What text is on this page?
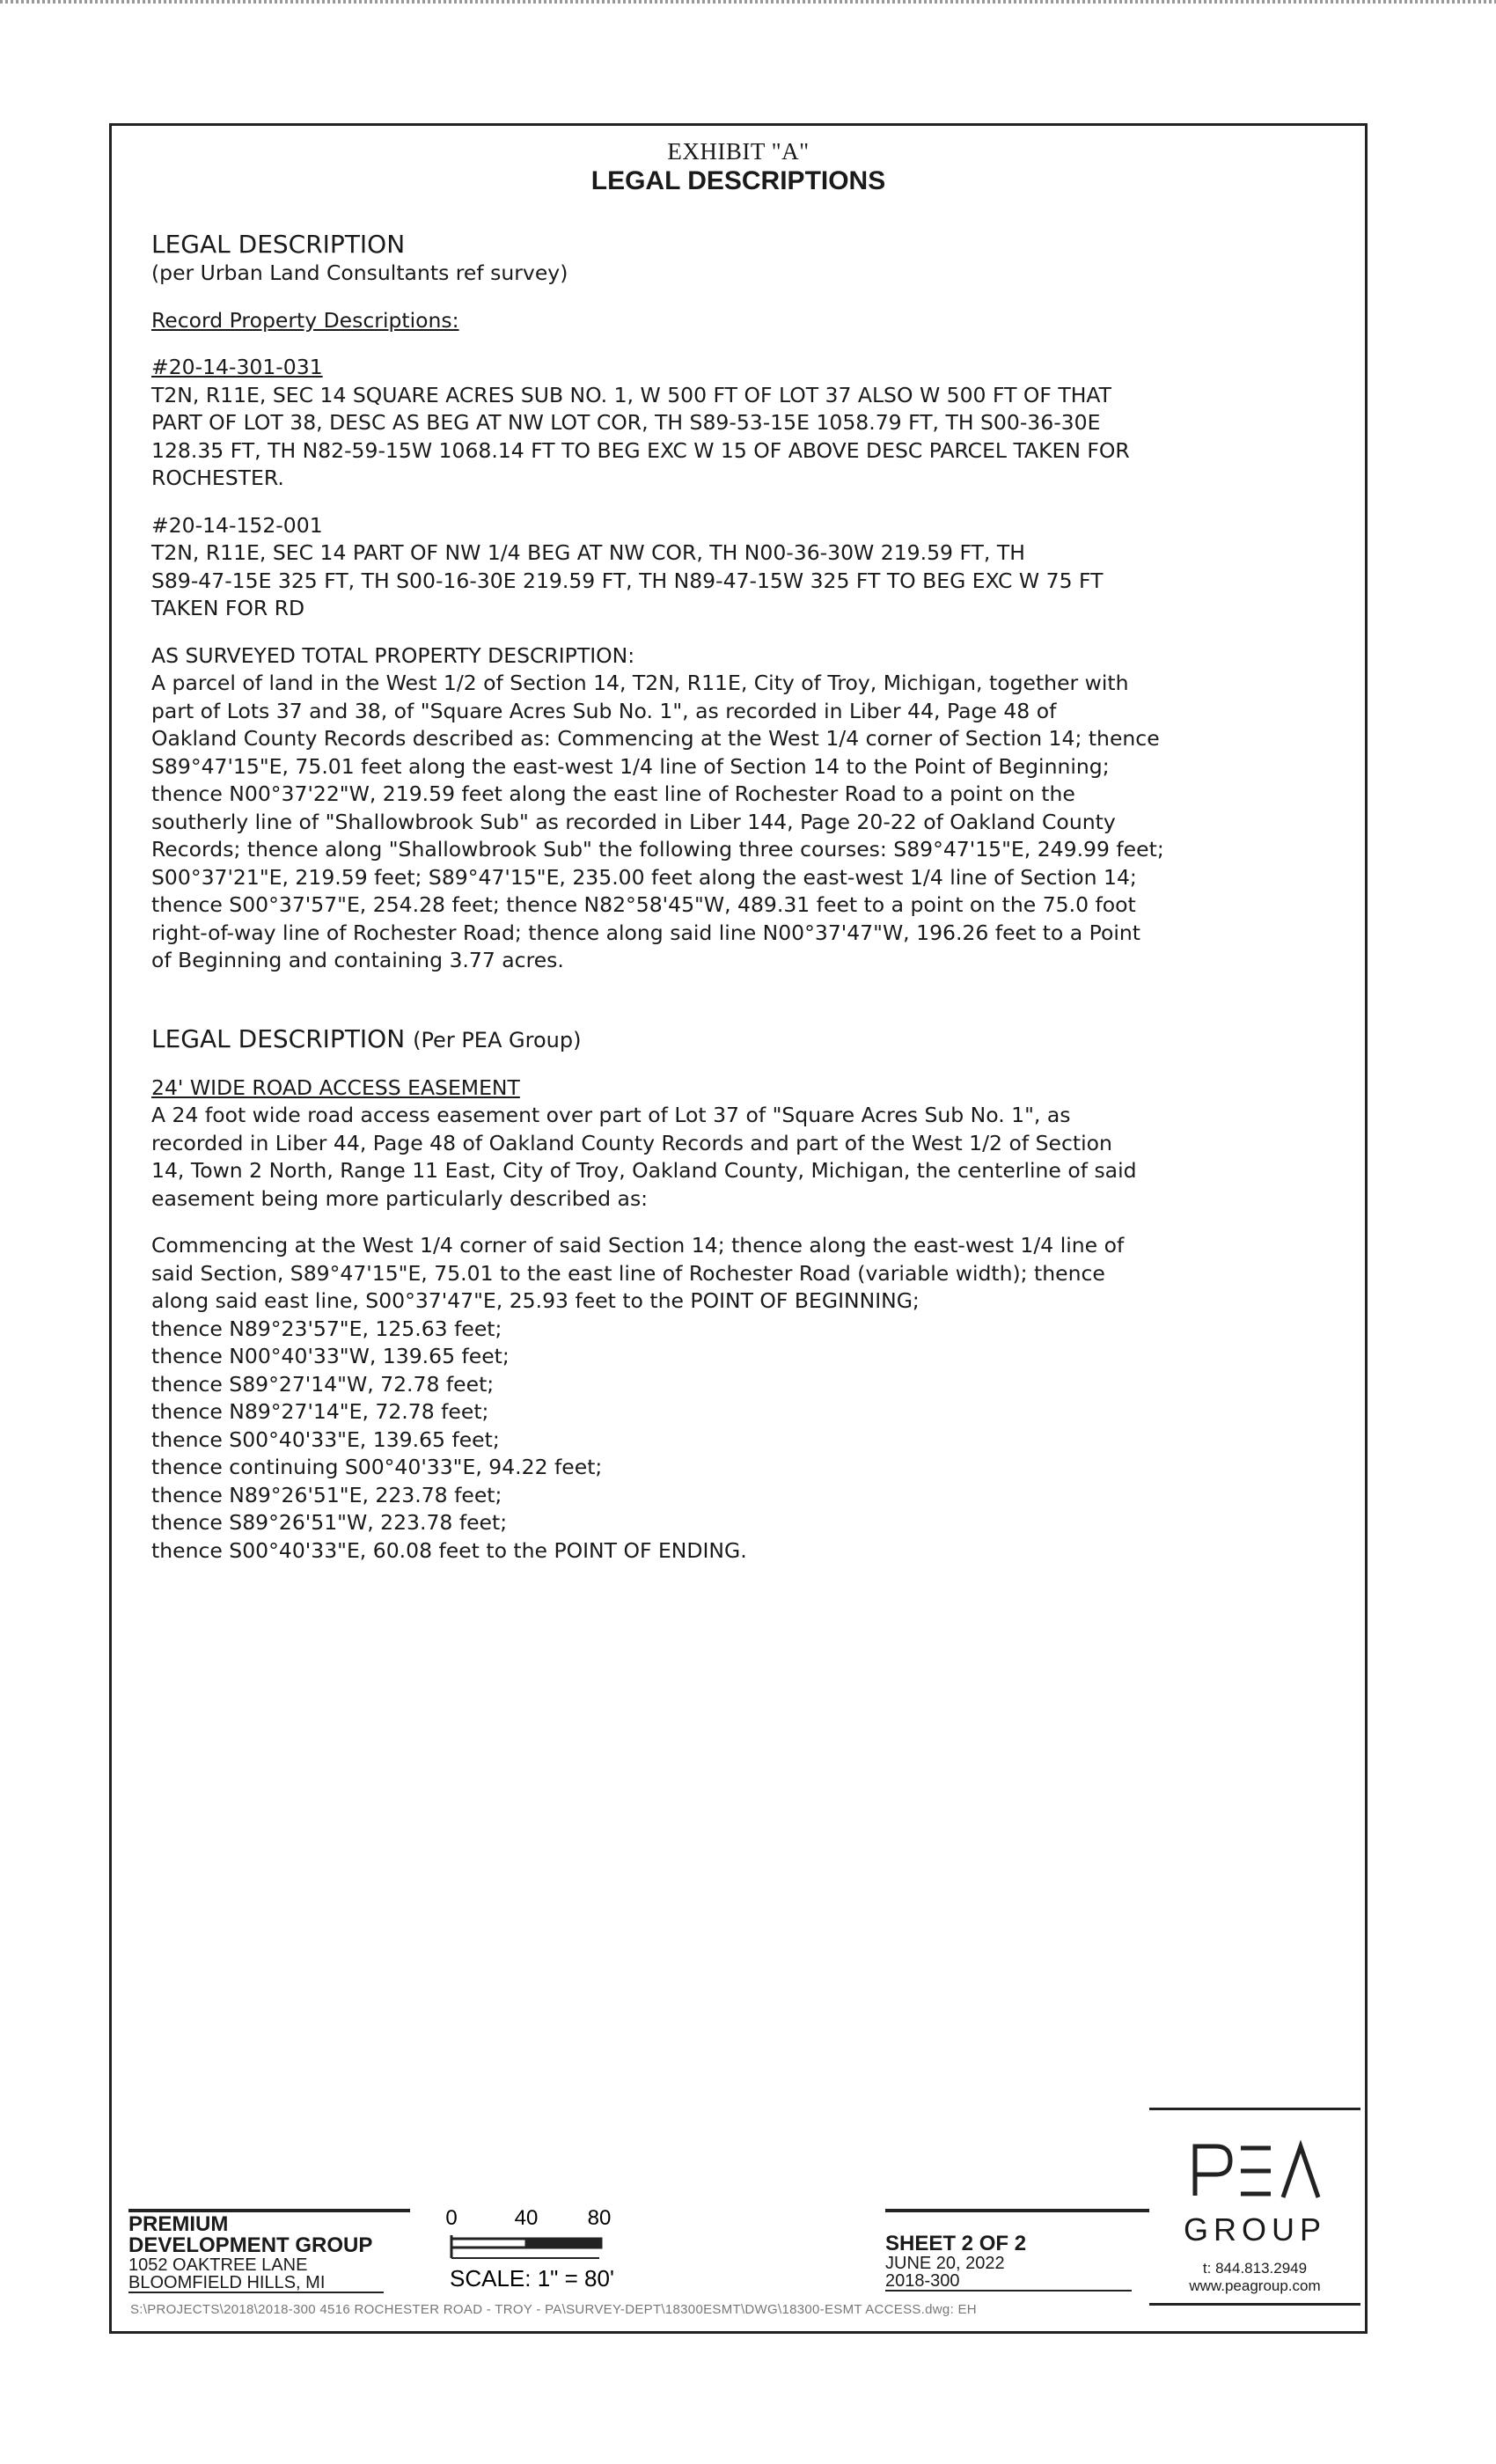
EXHIBIT "A"
LEGAL DESCRIPTIONS

LEGAL DESCRIPTION

(per Urban Land Consultants ref survey)

Record Property Descriptions:

#20-14-301-031

T2N, R11E, SEC 14 SQUARE ACRES SUB NO. 1, W 500 FT OF LOT 37 ALSO W 500 FT OF THAT
PART OF LOT 38, DESC AS BEG AT NW LOT COR, TH S89-53-15E 1058.79 FT, TH S00-36-30E
128.35 FT, TH N82-59-15W 1068.14 FT TO BEG EXC W 15 OF ABOVE DESC PARCEL TAKEN FOR
ROCHESTER.

#20-14-152-001

T2N, R11E, SEC 14 PART OF NW 1/4 BEG AT NW COR, TH N00-36-30W 219.59 FT, TH
S89-47-15E 325 FT, TH S00-16-30E 219.59 FT, TH N89-47-15W 325 FT TO BEG EXC W 75 FT
TAKEN FOR RD

AS SURVEYED TOTAL PROPERTY DESCRIPTION:

A parcel of land in the West 1/2 of Section 14, T2N, R11E, City of Troy, Michigan, together with
part of Lots 37 and 38, of "Square Acres Sub No. 1", as recorded in Liber 44, Page 48 of
Oakland County Records described as: Commencing at the West 1/4 corner of Section 14; thence
S89°47'15"E, 75.01 feet along the east-west 1/4 line of Section 14 to the Point of Beginning;
thence N00°37'22"W, 219.59 feet along the east line of Rochester Road to a point on the
southerly line of "Shallowbrook Sub" as recorded in Liber 144, Page 20-22 of Oakland County
Records; thence along "Shallowbrook Sub" the following three courses: S89°47'15"E, 249.99 feet;
S00°37'21"E, 219.59 feet; S89°47'15"E, 235.00 feet along the east-west 1/4 line of Section 14;
thence S00°37'57"E, 254.28 feet; thence N82°58'45"W, 489.31 feet to a point on the 75.0 foot
right-of-way line of Rochester Road; thence along said line N00°37'47"W, 196.26 feet to a Point
of Beginning and containing 3.77 acres.

LEGAL DESCRIPTION (Per PEA Group)

24' WIDE ROAD ACCESS EASEMENT

A 24 foot wide road access easement over part of Lot 37 of "Square Acres Sub No. 1", as
recorded in Liber 44, Page 48 of Oakland County Records and part of the West 1/2 of Section
14, Town 2 North, Range 11 East, City of Troy, Oakland County, Michigan, the centerline of said
easement being more particularly described as:

Commencing at the West 1/4 corner of said Section 14; thence along the east-west 1/4 line of
said Section, S89°47'15"E, 75.01 to the east line of Rochester Road (variable width); thence
along said east line, S00°37'47"E, 25.93 feet to the POINT OF BEGINNING;

thence N89°23'57"E, 125.63 feet;

thence N00°40'33"W, 139.65 feet;

thence S89°27'14"W, 72.78 feet;

thence N89°27'14"E, 72.78 feet;

thence S00°40'33"E, 139.65 feet;

thence continuing S00°40'33"E, 94.22 feet;

thence N89°26'51"E, 223.78 feet;

thence S89°26'51"W, 223.78 feet;

thence S00°40'33"E, 60.08 feet to the POINT OF ENDING.

PREMIUM
DEVELOPMENT GROUP
1052 OAKTREE LANE
BLOOMFIELD HILLS, MI
0	40 80
SCALE: 1" = 80'
SHEET 2 OF 2
JUNE 20, 2022
2018-300
GROUP
t: 844.813.2949
www.peagroup.com
S:\PROJECTS\2018\2018-300 4516 ROCHESTER ROAD - TROY - PA\SURVEY-DEPT\18300ESMT\DWG\18300-ESMT ACCESS.dwg: EH
